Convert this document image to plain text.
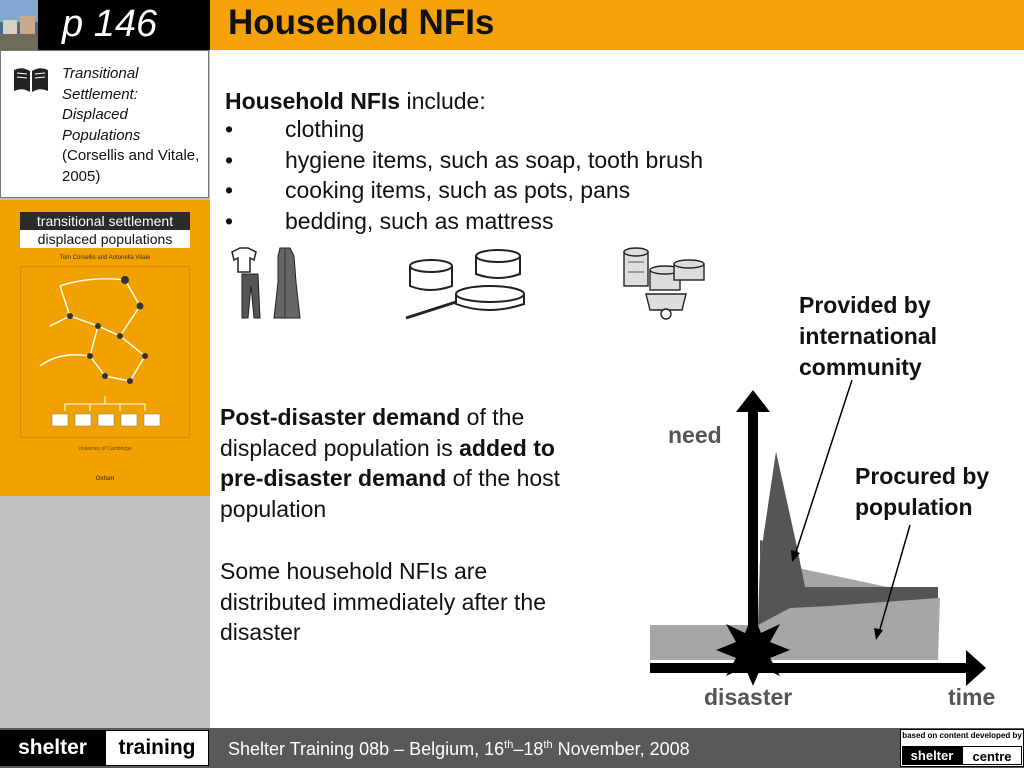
p 146	Household NFIs
Transitional
Settlement:
Displaced
Populations
(Corsellis and Vitale, 2005)
transitional settlement
displaced populations
Tom Corsellis and Antonella Vitale
University of Cambridge
Oxfam
Household NFIs include:
• clothing
• hygiene items, such as soap, tooth brush
• cooking items, such as pots, pans
• bedding, such as mattress
Post-disaster demand of the displaced population is added to pre-disaster demand of the host population
Some household NFIs are distributed immediately after the disaster
Provided by international community
Procured by population
need
disaster	time
shelter	training	Shelter Training 08b – Belgium, 16th–18th November, 2008
based on content developed by
shelter	centre
